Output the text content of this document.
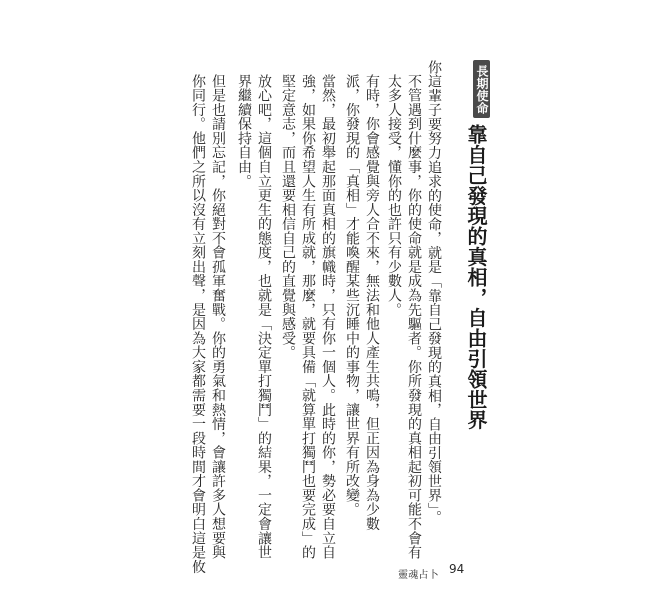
長期使命
靠自己發現的真相，自由引領世界
你這輩子要努力追求的使命，就是「靠自己發現的真相，自由引領世界」。
不管遇到什麼事，你的使命就是成為先驅者。你所發現的真相起初可能不會有
太多人接受，懂你的也許只有少數人。
有時，你會感覺與旁人合不來，無法和他人產生共鳴，但正因為身為少數
派，你發現的「真相」才能喚醒某些沉睡中的事物，讓世界有所改變。
當然，最初舉起那面真相的旗幟時，只有你一個人。此時的你，勢必要自立自
強，如果你希望人生有所成就，那麼，就要具備「就算單打獨鬥也要完成」的
堅定意志，而且還要相信自己的直覺與感受。
放心吧，這個自立更生的態度，也就是「決定單打獨鬥」的結果，一定會讓世
界繼續保持自由。
但是也請別忘記，你絕對不會孤軍奮戰。你的勇氣和熱情，會讓許多人想要與
你同行。他們之所以沒有立刻出聲，是因為大家都需要一段時間才會明白這是攸
靈魂占卜 94
